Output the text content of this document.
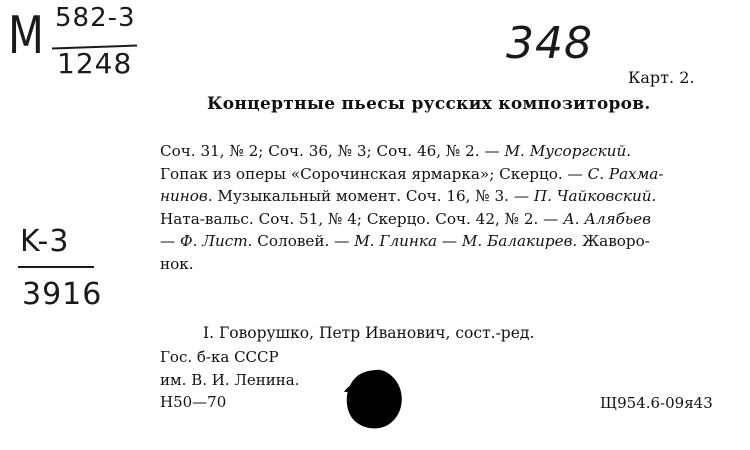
M 582-3

1248	348

K-3

3916

Карт. 2.

Концертные пьесы русских композиторов.

Соч. 31, № 2; Соч. 36, № 3; Соч. 46, № 2. — М. Мусоргский.
Гопак из оперы «Сорочинская ярмарка»; Скерцо. — С. Рахма-
нинов. Музыкальный момент. Соч. 16, № 3. — П. Чайковский.
Ната-вальс. Соч. 51, № 4; Скерцо. Соч. 42, № 2. — А. Алябьев
— Ф. Лист. Соловей. — М. Глинка — М. Балакирев. Жаворо-
нок.

I. Говорушко, Петр Иванович, сост.-ред.

Гос. б-ка СССР
им. В. И. Ленина.
Н50—70	Щ954.6-09я43
